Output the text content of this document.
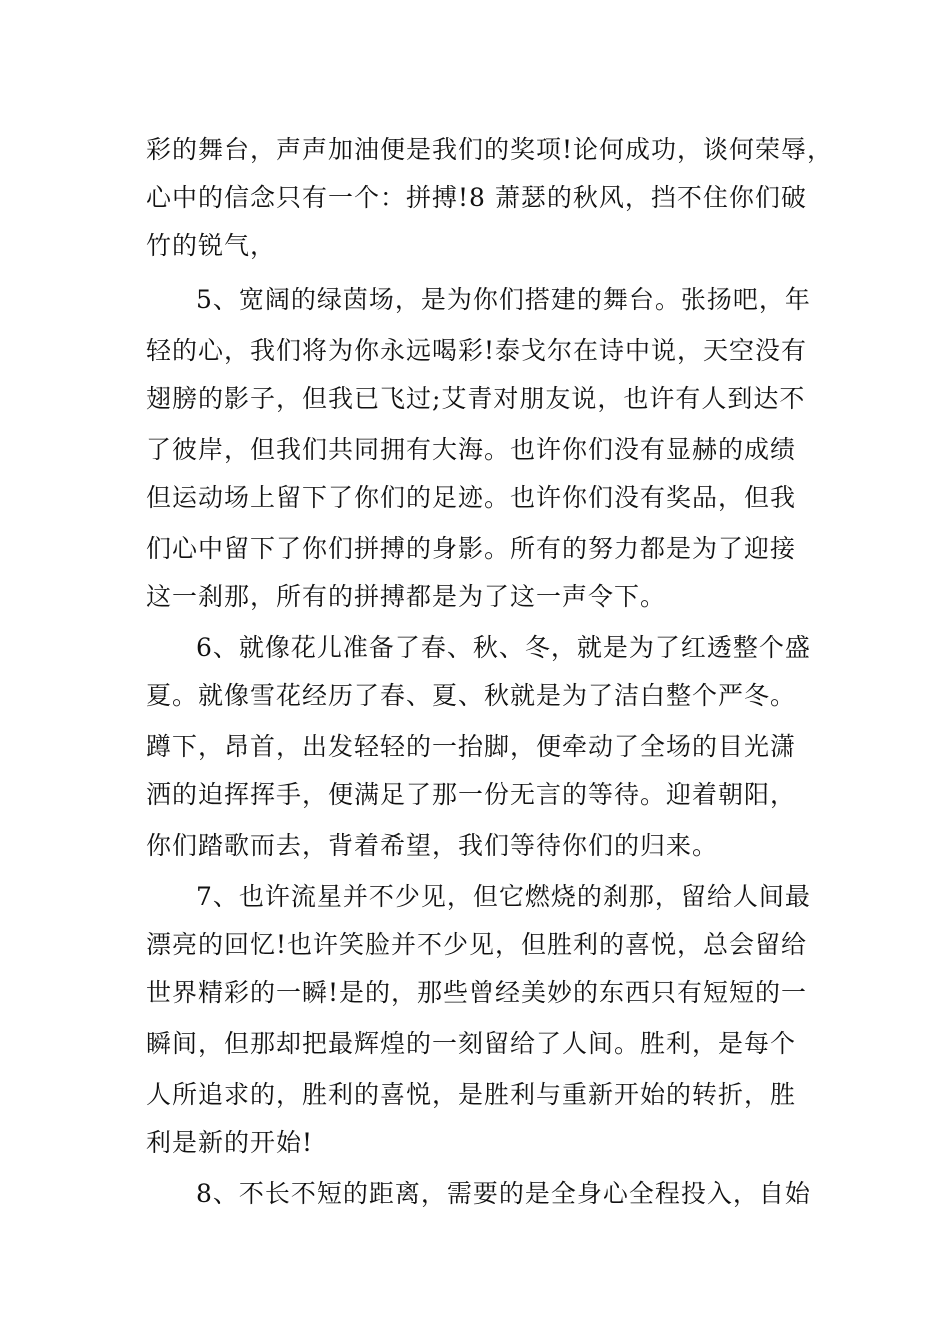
彩的舞台，声声加油便是我们的奖项!论何成功，谈何荣辱，

心中的信念只有一个：拼搏!8 萧瑟的秋风，挡不住你们破

竹的锐气，

5、宽阔的绿茵场，是为你们搭建的舞台。张扬吧，年

轻的心，我们将为你永远喝彩!泰戈尔在诗中说，天空没有

翅膀的影子，但我已飞过;艾青对朋友说，也许有人到达不

了彼岸，但我们共同拥有大海。也许你们没有显赫的成绩

但运动场上留下了你们的足迹。也许你们没有奖品，但我

们心中留下了你们拼搏的身影。所有的努力都是为了迎接

这一刹那，所有的拼搏都是为了这一声令下。

6、就像花儿准备了春、秋、冬，就是为了红透整个盛

夏。就像雪花经历了春、夏、秋就是为了洁白整个严冬。

蹲下，昂首，出发轻轻的一抬脚，便牵动了全场的目光潇

洒的迫挥挥手，便满足了那一份无言的等待。迎着朝阳，

你们踏歌而去，背着希望，我们等待你们的归来。

7、也许流星并不少见，但它燃烧的刹那，留给人间最

漂亮的回忆!也许笑脸并不少见，但胜利的喜悦，总会留给

世界精彩的一瞬!是的，那些曾经美妙的东西只有短短的一

瞬间，但那却把最辉煌的一刻留给了人间。胜利，是每个

人所追求的，胜利的喜悦，是胜利与重新开始的转折，胜

利是新的开始!

8、不长不短的距离，需要的是全身心全程投入，自始
